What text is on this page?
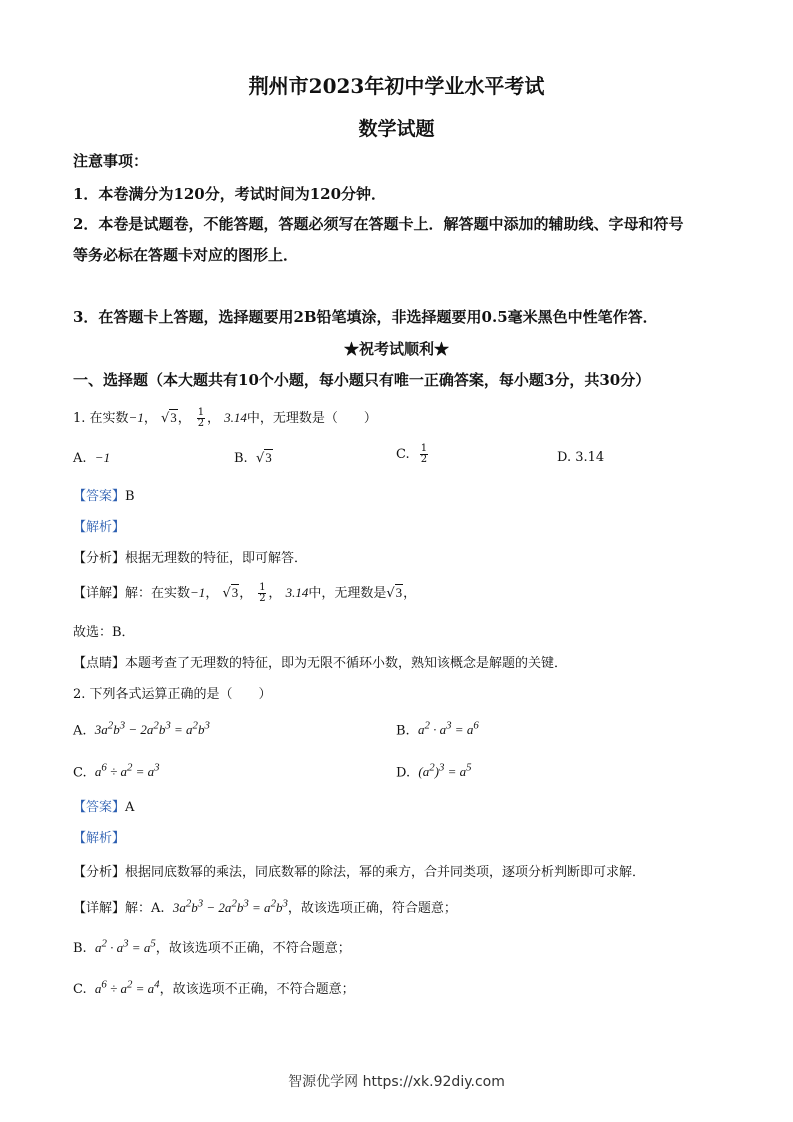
荆州市2023年初中学业水平考试
数学试题
注意事项：
1．本卷满分为120分，考试时间为120分钟．
2．本卷是试题卷，不能答题，答题必须写在答题卡上．解答题中添加的辅助线、字母和符号
等务必标在答题卡对应的图形上．
3．在答题卡上答题，选择题要用2B铅笔填涂，非选择题要用0.5毫米黑色中性笔作答．
★祝考试顺利★
一、选择题（本大题共有10个小题，每小题只有唯一正确答案，每小题3分，共30分）
1. 在实数−1， √3， $\frac{1}{2}$ ， 3.14中，无理数是（　　）
A. −1	B. √3	C. $\frac{1}{2}$	D. 3.14
【答案】B
【解析】
【分析】根据无理数的特征，即可解答．
【详解】解：在实数−1， √3， $\frac{1}{2}$ ， 3.14中，无理数是√3，
故选：B．
【点睛】本题考查了无理数的特征，即为无限不循环小数，熟知该概念是解题的关键．
2. 下列各式运算正确的是（　　）
A. $3a^2b^3 - 2a^2b^3 = a^2b^3$	B. $a^2 \cdot a^3 = a^6$
C. $a^6 \div a^2 = a^3$	D. $(a^2)^3 = a^5$
【答案】A
【解析】
【分析】根据同底数幂的乘法，同底数幂的除法，幂的乘方，合并同类项，逐项分析判断即可求解．
【详解】解：A. $3a^2b^3 - 2a^2b^3 = a^2b^3$，故该选项正确，符合题意；
B. $a^2 \cdot a^3 = a^5$，故该选项不正确，不符合题意；
C. $a^6 \div a^2 = a^4$，故该选项不正确，不符合题意；
智源优学网 https://xk.92diy.com
